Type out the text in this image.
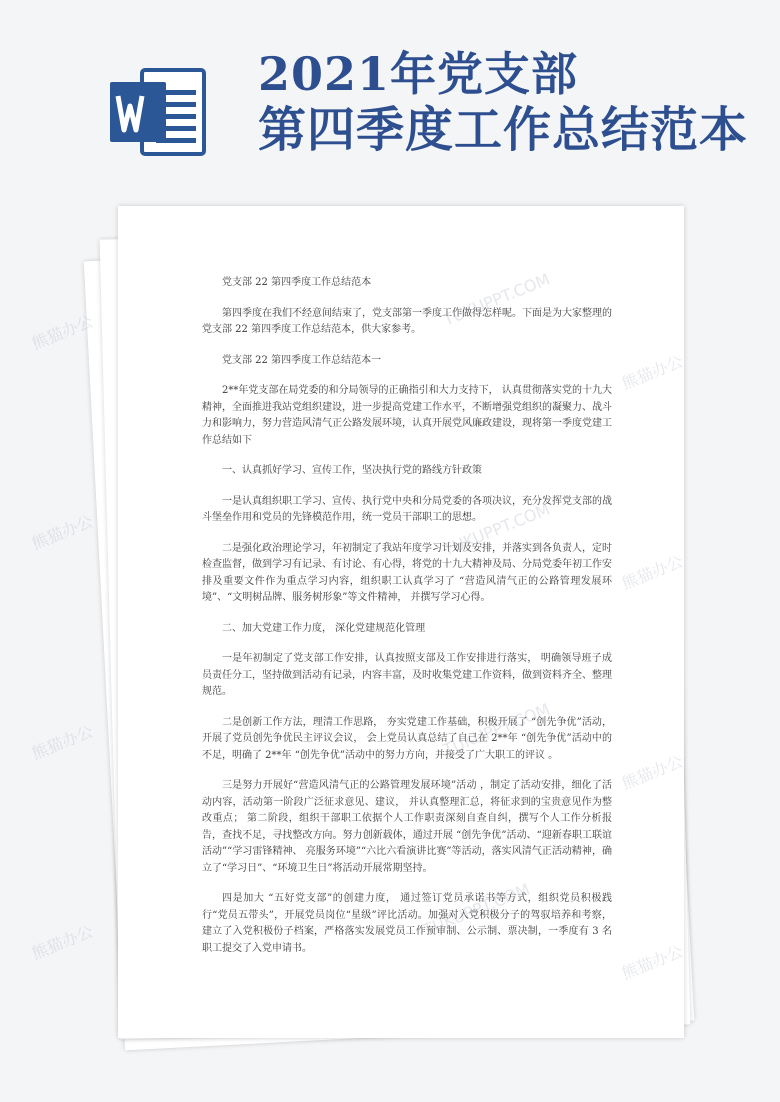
2021年党支部
第四季度工作总结范本

党支部 22 第四季度工作总结范本

第四季度在我们不经意间结束了，党支部第一季度工作做得怎样呢。下面是为大家整理的党支部 22 第四季度工作总结范本，供大家参考。

党支部 22 第四季度工作总结范本一

2**年党支部在局党委的和分局领导的正确指引和大力支持下， 认真贯彻落实党的十九大精神，全面推进我站党组织建设，进一步提高党建工作水平，不断增强党组织的凝聚力、战斗力和影响力，努力营造风清气正公路发展环境，认真开展党风廉政建设，现将第一季度党建工作总结如下

一、认真抓好学习、宣传工作，坚决执行党的路线方针政策

一是认真组织职工学习、宣传、执行党中央和分局党委的各项决议，充分发挥党支部的战斗堡垒作用和党员的先锋模范作用，统一党员干部职工的思想。

二是强化政治理论学习，年初制定了我站年度学习计划及安排，并落实到各负责人，定时检查监督，做到学习有记录、有讨论、有心得，将党的十九大精神及局、分局党委年初工作安排及重要文件作为重点学习内容，组织职工认真学习了 “营造风清气正的公路管理发展环境”、“文明树品牌、服务树形象”等文件精神， 并撰写学习心得。

二、加大党建工作力度， 深化党建规范化管理

一是年初制定了党支部工作安排，认真按照支部及工作安排进行落实， 明确领导班子成员责任分工，坚持做到活动有记录，内容丰富，及时收集党建工作资料，做到资料齐全、整理规范。

二是创新工作方法，理清工作思路， 夯实党建工作基础，积极开展了 “创先争优”活动，开展了党员创先争优民主评议会议， 会上党员认真总结了自己在 2**年 “创先争优”活动中的不足，明确了 2**年 “创先争优”活动中的努力方向，并接受了广大职工的评议 。

三是努力开展好“营造风清气正的公路管理发展环境”活动 ，制定了活动安排，细化了活动内容，活动第一阶段广泛征求意见、建议， 并认真整理汇总，将征求到的宝贵意见作为整改重点； 第二阶段，组织干部职工依据个人工作职责深刻自查自纠，撰写个人工作分析报告，查找不足，寻找整改方向。努力创新载体，通过开展 “创先争优”活动、“迎新春职工联谊活动”“学习雷锋精神、 亮服务环境”“六比六看演讲比赛”等活动，落实风清气正活动精神，确立了“学习日”、“环境卫生日”将活动开展常期坚持。

四是加大 “五好党支部”的创建力度， 通过签订党员承诺书等方式，组织党员积极践行“党员五带头”，开展党员岗位“星级”评比活动。加强对入党积极分子的驾驭培养和考察，建立了入党积极份子档案，严格落实发展党员工作预审制、公示制、票决制，一季度有 3 名职工提交了入党申请书。

熊猫办公
TUKUPPT.COM
熊猫办公
熊猫办公	TUKUPPT.COM
熊猫办公
熊猫办公	TUKUPPT.COM
熊猫办公
熊猫办公
TUKUPPT.COM
熊猫办公
